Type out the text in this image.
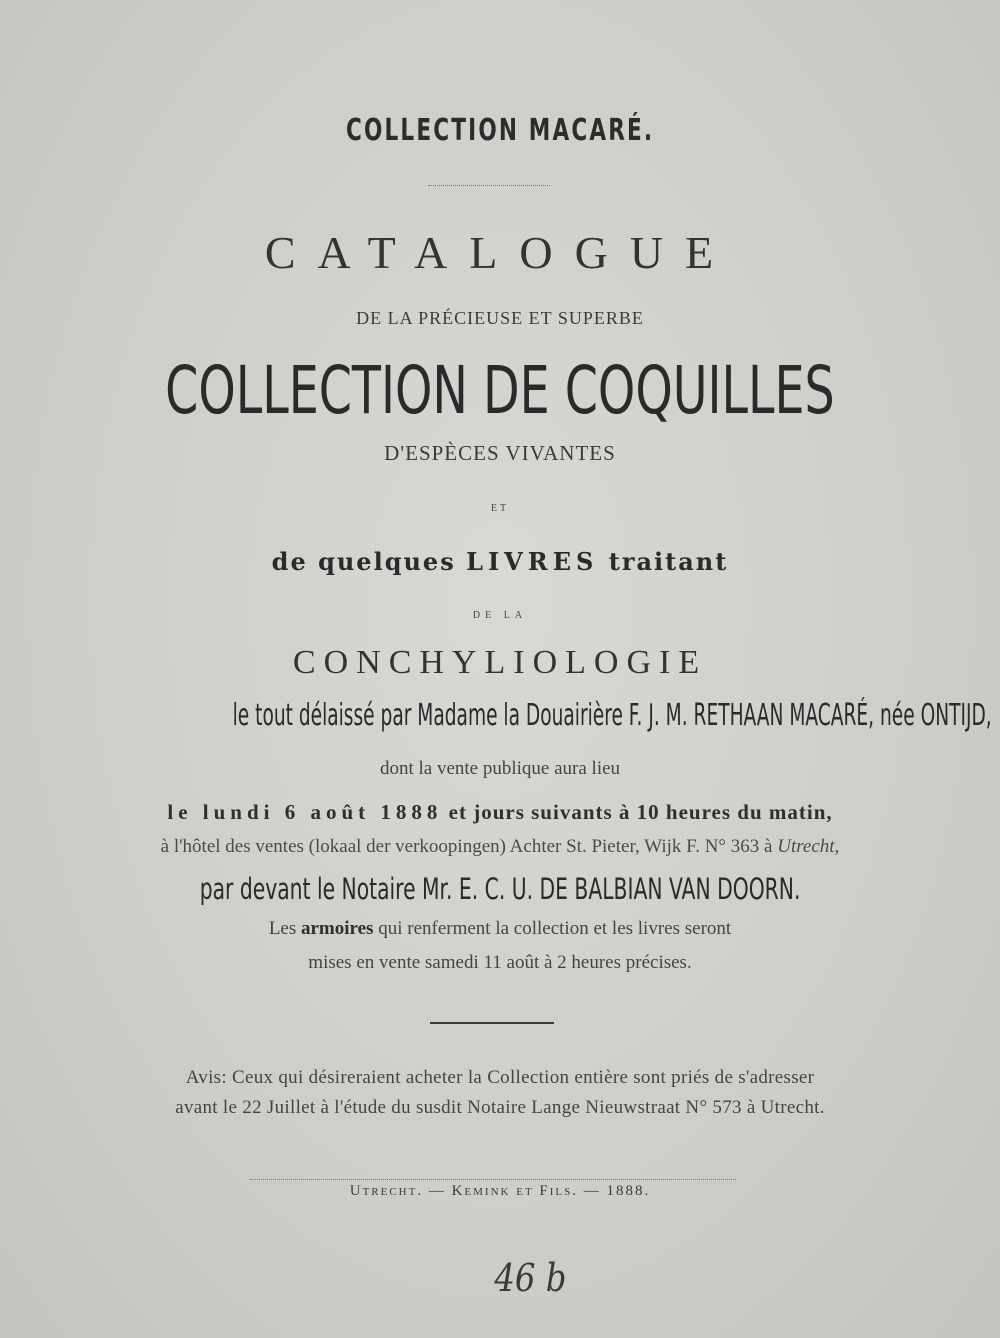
COLLECTION MACARÉ.
CATALOGUE
DE LA PRÉCIEUSE ET SUPERBE
COLLECTION DE COQUILLES
D'ESPÈCES VIVANTES
ET
de quelques LIVRES traitant
DE LA
CONCHYLIOLOGIE
le tout délaissé par Madame la Douairière F. J. M. RETHAAN MACARÉ, née ONTIJD,
dont la vente publique aura lieu
le lundi 6 août 1888 et jours suivants à 10 heures du matin,
à l'hôtel des ventes (lokaal der verkoopingen) Achter St. Pieter, Wijk F. N° 363 à Utrecht,
par devant le Notaire Mr. E. C. U. DE BALBIAN VAN DOORN.
Les armoires qui renferment la collection et les livres seront
mises en vente samedi 11 août à 2 heures précises.
Avis: Ceux qui désireraient acheter la Collection entière sont priés de s'adresser
avant le 22 Juillet à l'étude du susdit Notaire Lange Nieuwstraat N° 573 à Utrecht.
Utrecht. — Kemink et Fils. — 1888.
46 b
